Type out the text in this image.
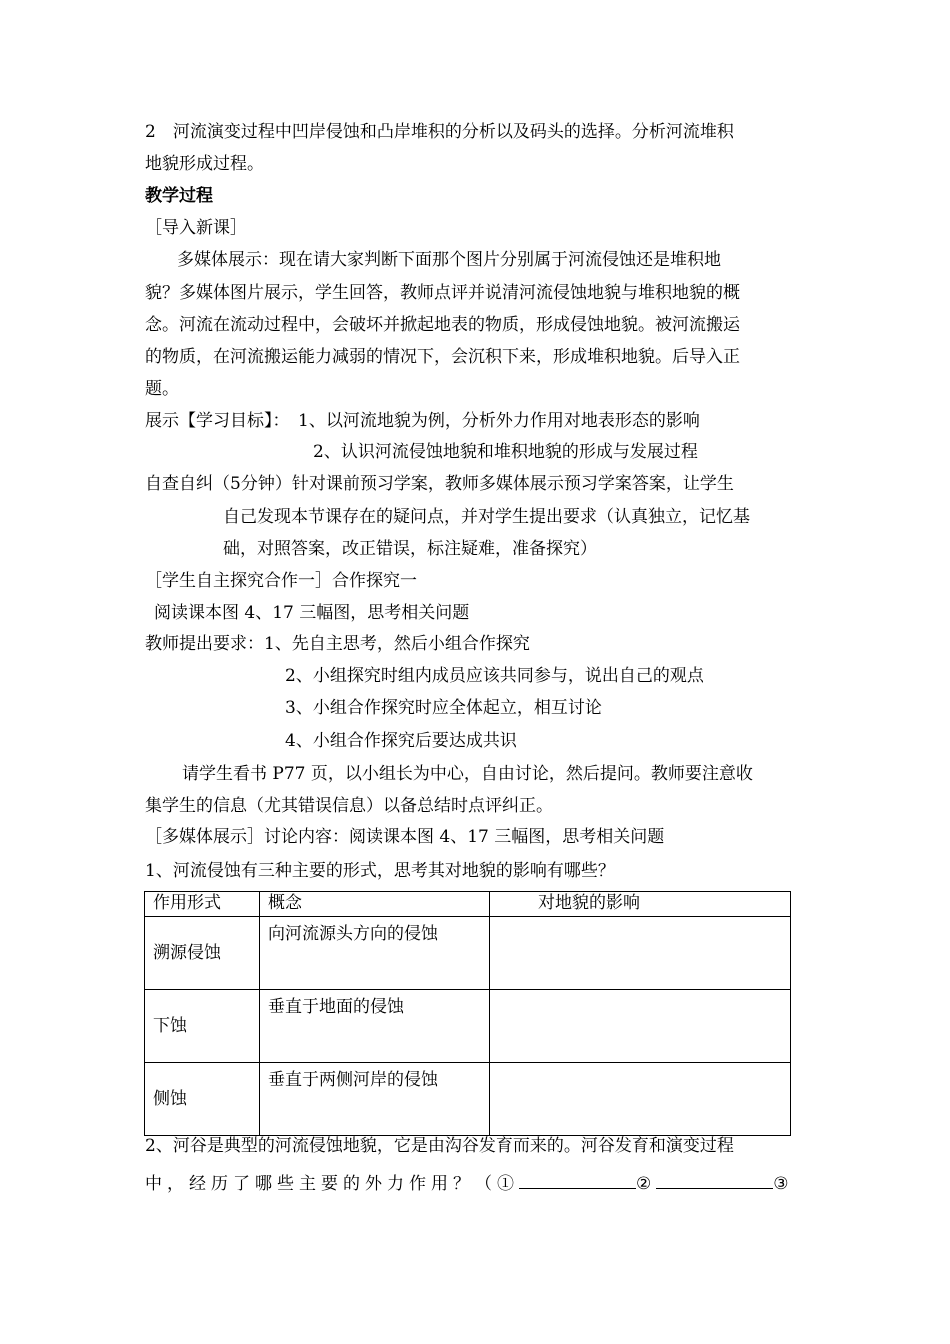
2　河流演变过程中凹岸侵蚀和凸岸堆积的分析以及码头的选择。分析河流堆积
地貌形成过程。
教学过程
［导入新课］
　多媒体展示：现在请大家判断下面那个图片分别属于河流侵蚀还是堆积地
貌？多媒体图片展示，学生回答，教师点评并说清河流侵蚀地貌与堆积地貌的概
念。河流在流动过程中，会破坏并掀起地表的物质，形成侵蚀地貌。被河流搬运
的物质，在河流搬运能力减弱的情况下，会沉积下来，形成堆积地貌。后导入正
题。
展示【学习目标】：　1、以河流地貌为例，分析外力作用对地表形态的影响
2、认识河流侵蚀地貌和堆积地貌的形成与发展过程
自查自纠（5分钟）针对课前预习学案，教师多媒体展示预习学案答案，让学生
自己发现本节课存在的疑问点，并对学生提出要求（认真独立，记忆基
础，对照答案，改正错误，标注疑难，准备探究）
［学生自主探究合作一］合作探究一
阅读课本图 4、17 三幅图，思考相关问题
教师提出要求：1、先自主思考，然后小组合作探究
2、小组探究时组内成员应该共同参与，说出自己的观点
3、小组合作探究时应全体起立，相互讨论
4、小组合作探究后要达成共识
请学生看书 P77 页，以小组长为中心，自由讨论，然后提问。教师要注意收
集学生的信息（尤其错误信息）以备总结时点评纠正。
［多媒体展示］讨论内容：阅读课本图 4、17 三幅图，思考相关问题
1、河流侵蚀有三种主要的形式，思考其对地貌的影响有哪些？
作用形式	概念	对地貌的影响
溯源侵蚀	向河流源头方向的侵蚀	
下蚀	垂直于地面的侵蚀	
侧蚀	垂直于两侧河岸的侵蚀	
2、河谷是典型的河流侵蚀地貌，它是由沟谷发育而来的。河谷发育和演变过程
中，经历了哪些主要的外力作用？（①	②	③
